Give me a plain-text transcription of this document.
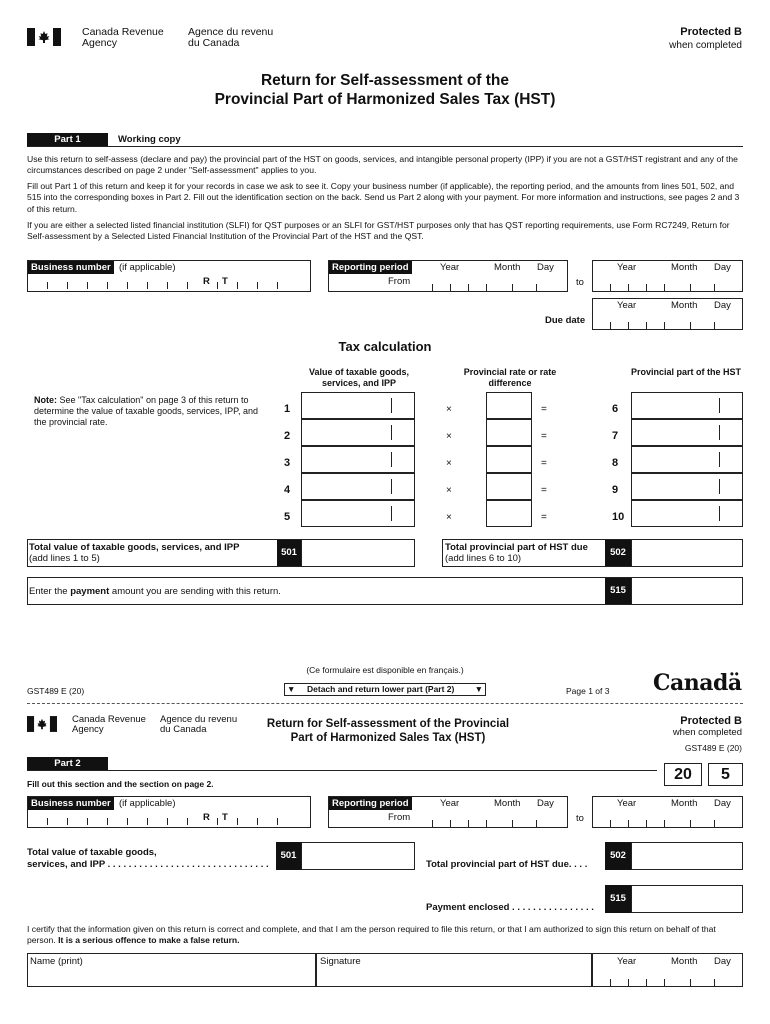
Canada Revenue
Agency
Agence du revenu
du Canada
Protected B
when completed
Return for Self-assessment of the
Provincial Part of Harmonized Sales Tax (HST)
Part 1	Working copy
Use this return to self-assess (declare and pay) the provincial part of the HST on goods, services, and intangible personal property (IPP) if you are not a GST/HST registrant and any of the circumstances described on page 2 under "Self-assessment" applies to you.
Fill out Part 1 of this return and keep it for your records in case we ask to see it. Copy your business number (if applicable), the reporting period, and the amounts from lines 501, 502, and 515 into the corresponding boxes in Part 2. Fill out the identification section on the back. Send us Part 2 along with your payment. For more information and instructions, see pages 2 and 3 of this return.
If you are either a selected listed financial institution (SLFI) for QST purposes or an SLFI for GST/HST purposes only that has QST reporting requirements, use Form RC7249, Return for Self-assessment by a Selected Listed Financial Institution of the Provincial Part of the HST and the QST.
Business number (if applicable)
R T
Reporting period
From
Year	Month Day
to
Year	Month Day
Year	Month Day
Due date
Tax calculation
Value of taxable goods, services, and IPP
Provincial rate or rate difference
Provincial part of the HST
Note: See "Tax calculation" on page 3 of this return to determine the value of taxable goods, services, IPP, and the provincial rate.
1	×	=	6
2	×	=	7
3	×	=	8
4	×	=	9
5	×	=	10
Total value of taxable goods, services, and IPP
(add lines 1 to 5)
501	Total provincial part of HST due
(add lines 6 to 10)
502
Enter the payment amount you are sending with this return.	515
(Ce formulaire est disponible en français.)
GST489 E (20)	▼ Detach and return lower part (Part 2) ▼	Page 1 of 3 Canadä
Canada Revenue
Agency
Agence du revenu
du Canada	Return for Self-assessment of the Provincial
Part of Harmonized Sales Tax (HST)
Protected B
when completed
GST489 E (20)
20	5
Part 2
Fill out this section and the section on page 2.
Business number (if applicable)
R T
Reporting period
From
Year	Month Day
to
Year	Month Day
Total value of taxable goods,
services, and IPP . . . . . . . . . . . . . . . . . . . . . . . . . . . . . . .
501
Total provincial part of HST due. . . .
502
Payment enclosed . . . . . . . . . . . . . . . .
515
I certify that the information given on this return is correct and complete, and that I am the person required to file this return, or that I am authorized to sign this return on behalf of that person. It is a serious offence to make a false return.
Name (print)	Signature	Year	Month Day
